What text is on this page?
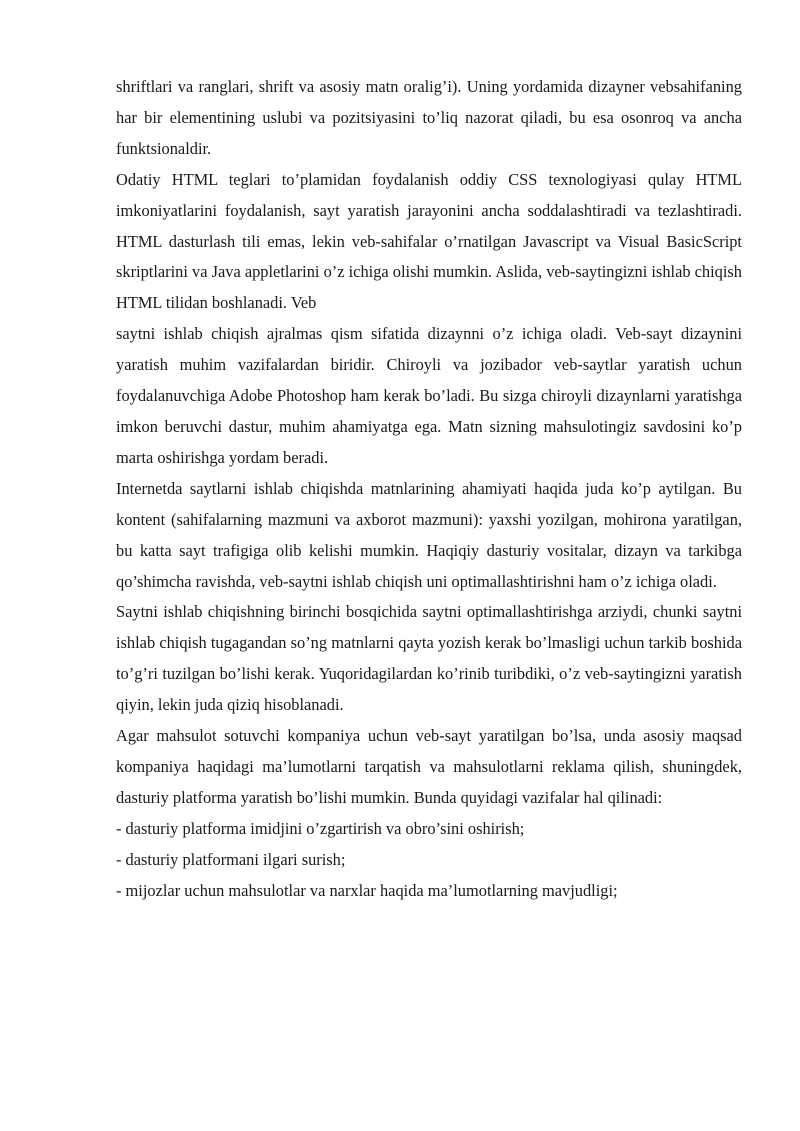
shriftlari va ranglari, shrift va asosiy matn oralig’i). Uning yordamida dizayner vebsahifaning har bir elementining uslubi va pozitsiyasini to’liq nazorat qiladi, bu esa osonroq va ancha funktsionaldir.

Odatiy HTML teglari to’plamidan foydalanish oddiy CSS texnologiyasi qulay HTML imkoniyatlarini foydalanish, sayt yaratish jarayonini ancha soddalashtiradi va tezlashtiradi. HTML dasturlash tili emas, lekin veb-sahifalar o’rnatilgan Javascript va Visual BasicScript skriptlarini va Java appletlarini o’z ichiga olishi mumkin. Aslida, veb-saytingizni ishlab chiqish HTML tilidan boshlanadi. Veb

saytni ishlab chiqish ajralmas qism sifatida dizaynni o’z ichiga oladi. Veb-sayt dizaynini yaratish muhim vazifalardan biridir. Chiroyli va jozibador veb-saytlar yaratish uchun foydalanuvchiga Adobe Photoshop ham kerak bo’ladi. Bu sizga chiroyli dizaynlarni yaratishga imkon beruvchi dastur, muhim ahamiyatga ega. Matn sizning mahsulotingiz savdosini ko’p marta oshirishga yordam beradi.

Internetda saytlarni ishlab chiqishda matnlarining ahamiyati haqida juda ko’p aytilgan. Bu kontent (sahifalarning mazmuni va axborot mazmuni): yaxshi yozilgan, mohirona yaratilgan, bu katta sayt trafigiga olib kelishi mumkin. Haqiqiy dasturiy vositalar, dizayn va tarkibga qo’shimcha ravishda, veb-saytni ishlab chiqish uni optimallashtirishni ham o’z ichiga oladi.

Saytni ishlab chiqishning birinchi bosqichida saytni optimallashtirishga arziydi, chunki saytni ishlab chiqish tugagandan so’ng matnlarni qayta yozish kerak bo’lmasligi uchun tarkib boshida to’g’ri tuzilgan bo’lishi kerak. Yuqoridagilardan ko’rinib turibdiki, o’z veb-saytingizni yaratish qiyin, lekin juda qiziq hisoblanadi.

Agar mahsulot sotuvchi kompaniya uchun veb-sayt yaratilgan bo’lsa, unda asosiy maqsad kompaniya haqidagi ma’lumotlarni tarqatish va mahsulotlarni reklama qilish, shuningdek, dasturiy platforma yaratish bo’lishi mumkin. Bunda quyidagi vazifalar hal qilinadi:

- dasturiy platforma imidjini o’zgartirish va obro’sini oshirish;
- dasturiy platformani ilgari surish;
- mijozlar uchun mahsulotlar va narxlar haqida ma’lumotlarning mavjudligi;
